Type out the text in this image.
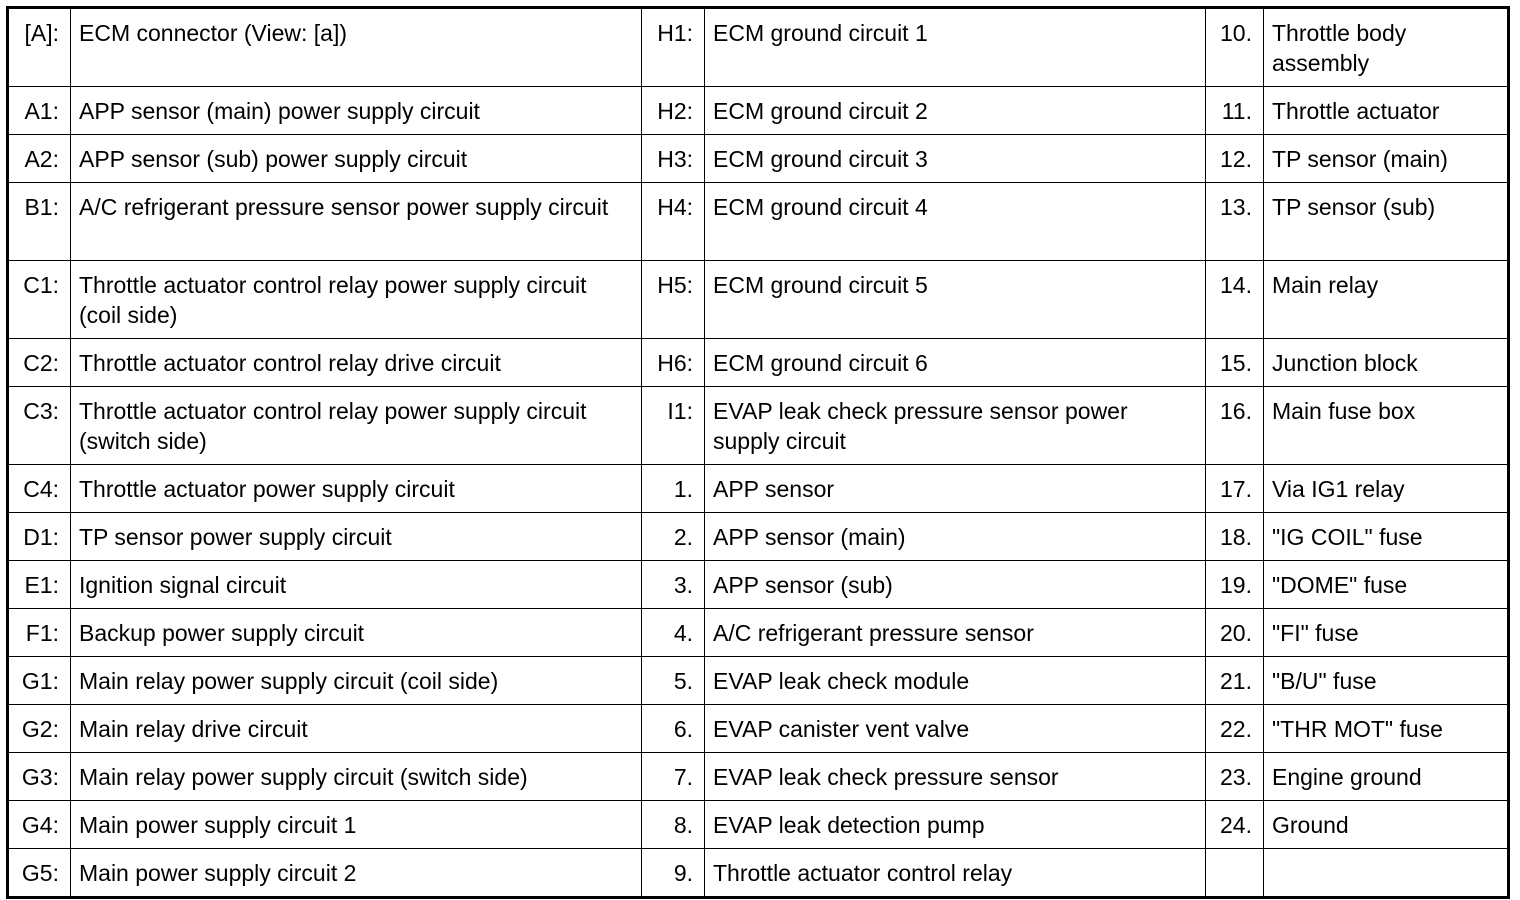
[A]:	ECM connector (View: [a])	H1:	ECM ground circuit 1	10.	Throttle body assembly
A1:	APP sensor (main) power supply circuit	H2:	ECM ground circuit 2	11.	Throttle actuator
A2:	APP sensor (sub) power supply circuit	H3:	ECM ground circuit 3	12.	TP sensor (main)
B1:	A/C refrigerant pressure sensor power supply circuit	H4:	ECM ground circuit 4	13.	TP sensor (sub)
C1:	Throttle actuator control relay power supply circuit (coil side)	H5:	ECM ground circuit 5	14.	Main relay
C2:	Throttle actuator control relay drive circuit	H6:	ECM ground circuit 6	15.	Junction block
C3:	Throttle actuator control relay power supply circuit (switch side)	I1:	EVAP leak check pressure sensor power supply circuit	16.	Main fuse box
C4:	Throttle actuator power supply circuit	1.	APP sensor	17.	Via IG1 relay
D1:	TP sensor power supply circuit	2.	APP sensor (main)	18.	"IG COIL" fuse
E1:	Ignition signal circuit	3.	APP sensor (sub)	19.	"DOME" fuse
F1:	Backup power supply circuit	4.	A/C refrigerant pressure sensor	20.	"FI" fuse
G1:	Main relay power supply circuit (coil side)	5.	EVAP leak check module	21.	"B/U" fuse
G2:	Main relay drive circuit	6.	EVAP canister vent valve	22.	"THR MOT" fuse
G3:	Main relay power supply circuit (switch side)	7.	EVAP leak check pressure sensor	23.	Engine ground
G4:	Main power supply circuit 1	8.	EVAP leak detection pump	24.	Ground
G5:	Main power supply circuit 2	9.	Throttle actuator control relay		
